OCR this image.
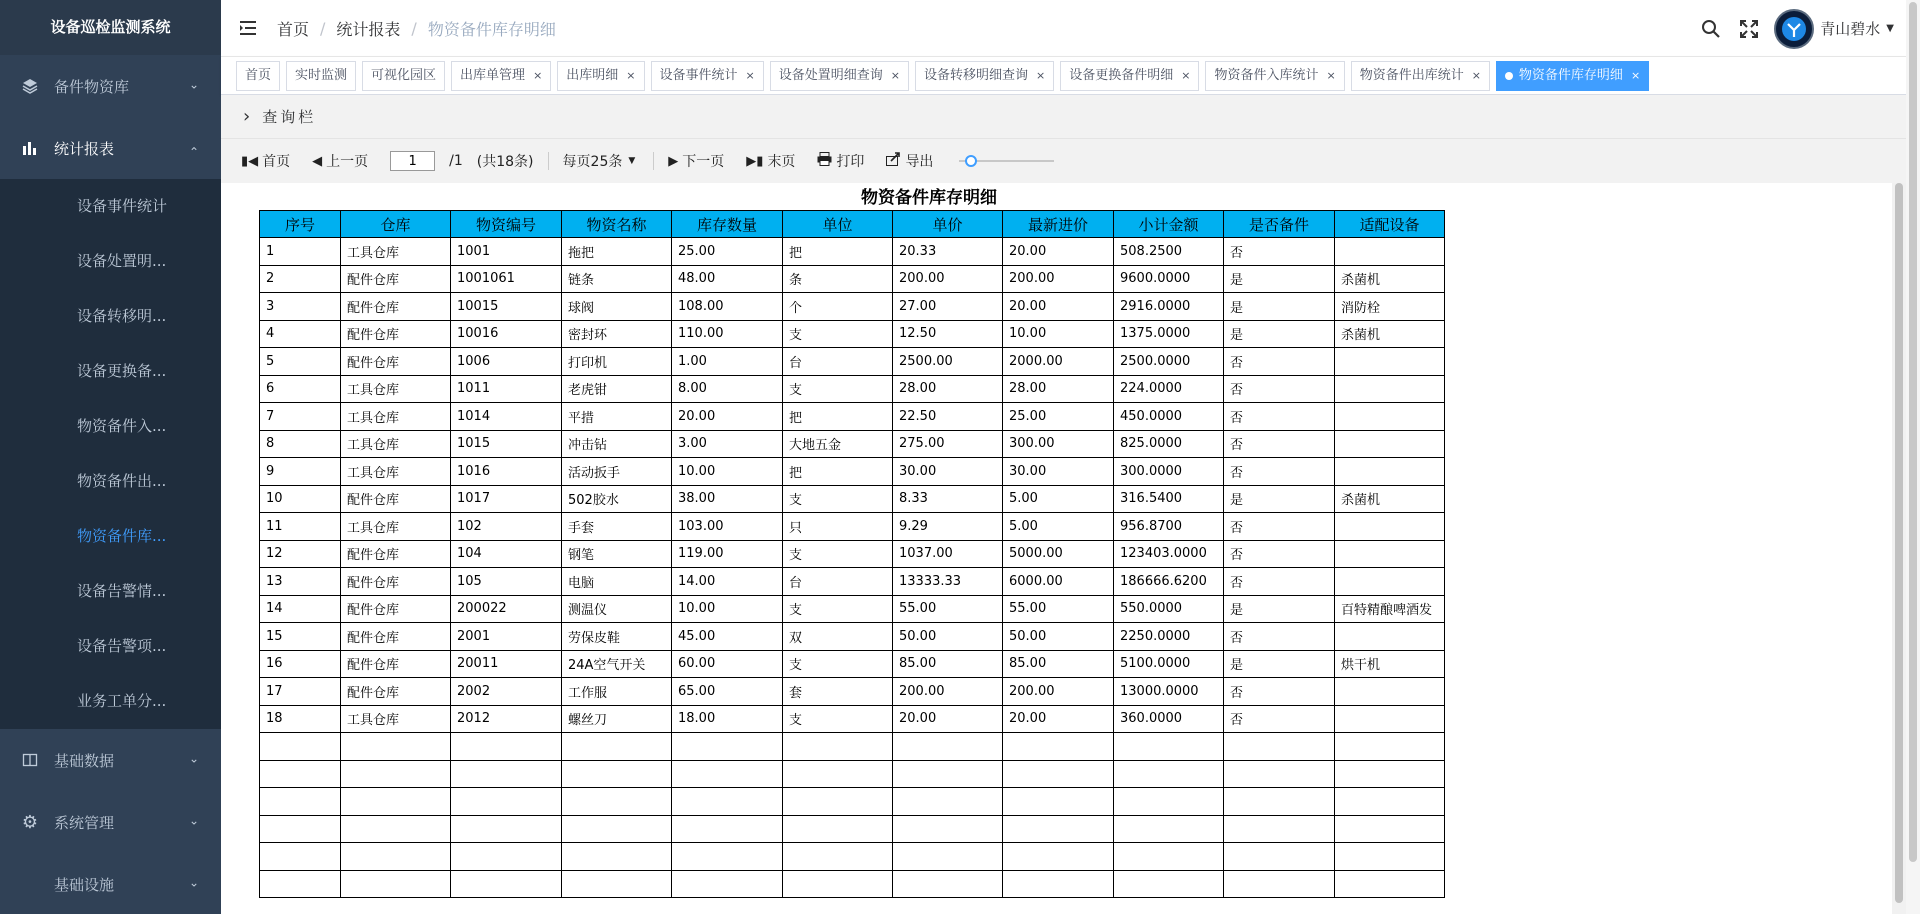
设备巡检监测系统
备件物资库	⌄
统计报表	⌃
设备事件统计
设备处置明...
设备转移明...
设备更换备...
物资备件入...
物资备件出...
物资备件库...
设备告警情...
设备告警项...
业务工单分...
基础数据	⌄
⚙ 系统管理	⌄
基础设施	⌄
首页 / 统计报表 / 物资备件库存明细	青山碧水 ▼
首页 实时监测 可视化园区 出库单管理 × 出库明细 × 设备事件统计 × 设备处置明细查询 × 设备转移明细查询 × 设备更换备件明细 × 物资备件入库统计 × 物资备件出库统计 ×	物资备件库存明细 ×
› 查询栏
▮◀ 首页 ◀ 上一页
1	/1 (共18条) 每页25条 ▼	▶ 下一页 ▶▮ 末页	打印	导出
物资备件库存明细
序号	仓库	物资编号	物资名称	库存数量	单位	单价	最新进价	小计金额	是否备件	适配设备
1	工具仓库	1001	拖把	25.00	把	20.33	20.00	508.2500	否	
2	配件仓库	1001061	链条	48.00	条	200.00	200.00	9600.0000	是	杀菌机
3	配件仓库	10015	球阀	108.00	个	27.00	20.00	2916.0000	是	消防栓
4	配件仓库	10016	密封环	110.00	支	12.50	10.00	1375.0000	是	杀菌机
5	配件仓库	1006	打印机	1.00	台	2500.00	2000.00	2500.0000	否	
6	工具仓库	1011	老虎钳	8.00	支	28.00	28.00	224.0000	否	
7	工具仓库	1014	平措	20.00	把	22.50	25.00	450.0000	否	
8	工具仓库	1015	冲击钻	3.00	大地五金	275.00	300.00	825.0000	否	
9	工具仓库	1016	活动扳手	10.00	把	30.00	30.00	300.0000	否	
10	配件仓库	1017	502胶水	38.00	支	8.33	5.00	316.5400	是	杀菌机
11	工具仓库	102	手套	103.00	只	9.29	5.00	956.8700	否	
12	配件仓库	104	钢笔	119.00	支	1037.00	5000.00	123403.0000	否	
13	配件仓库	105	电脑	14.00	台	13333.33	6000.00	186666.6200	否	
14	配件仓库	200022	测温仪	10.00	支	55.00	55.00	550.0000	是	百特精酿啤酒发
15	配件仓库	2001	劳保皮鞋	45.00	双	50.00	50.00	2250.0000	否	
16	配件仓库	20011	24A空气开关	60.00	支	85.00	85.00	5100.0000	是	烘干机
17	配件仓库	2002	工作服	65.00	套	200.00	200.00	13000.0000	否	
18	工具仓库	2012	螺丝刀	18.00	支	20.00	20.00	360.0000	否	
